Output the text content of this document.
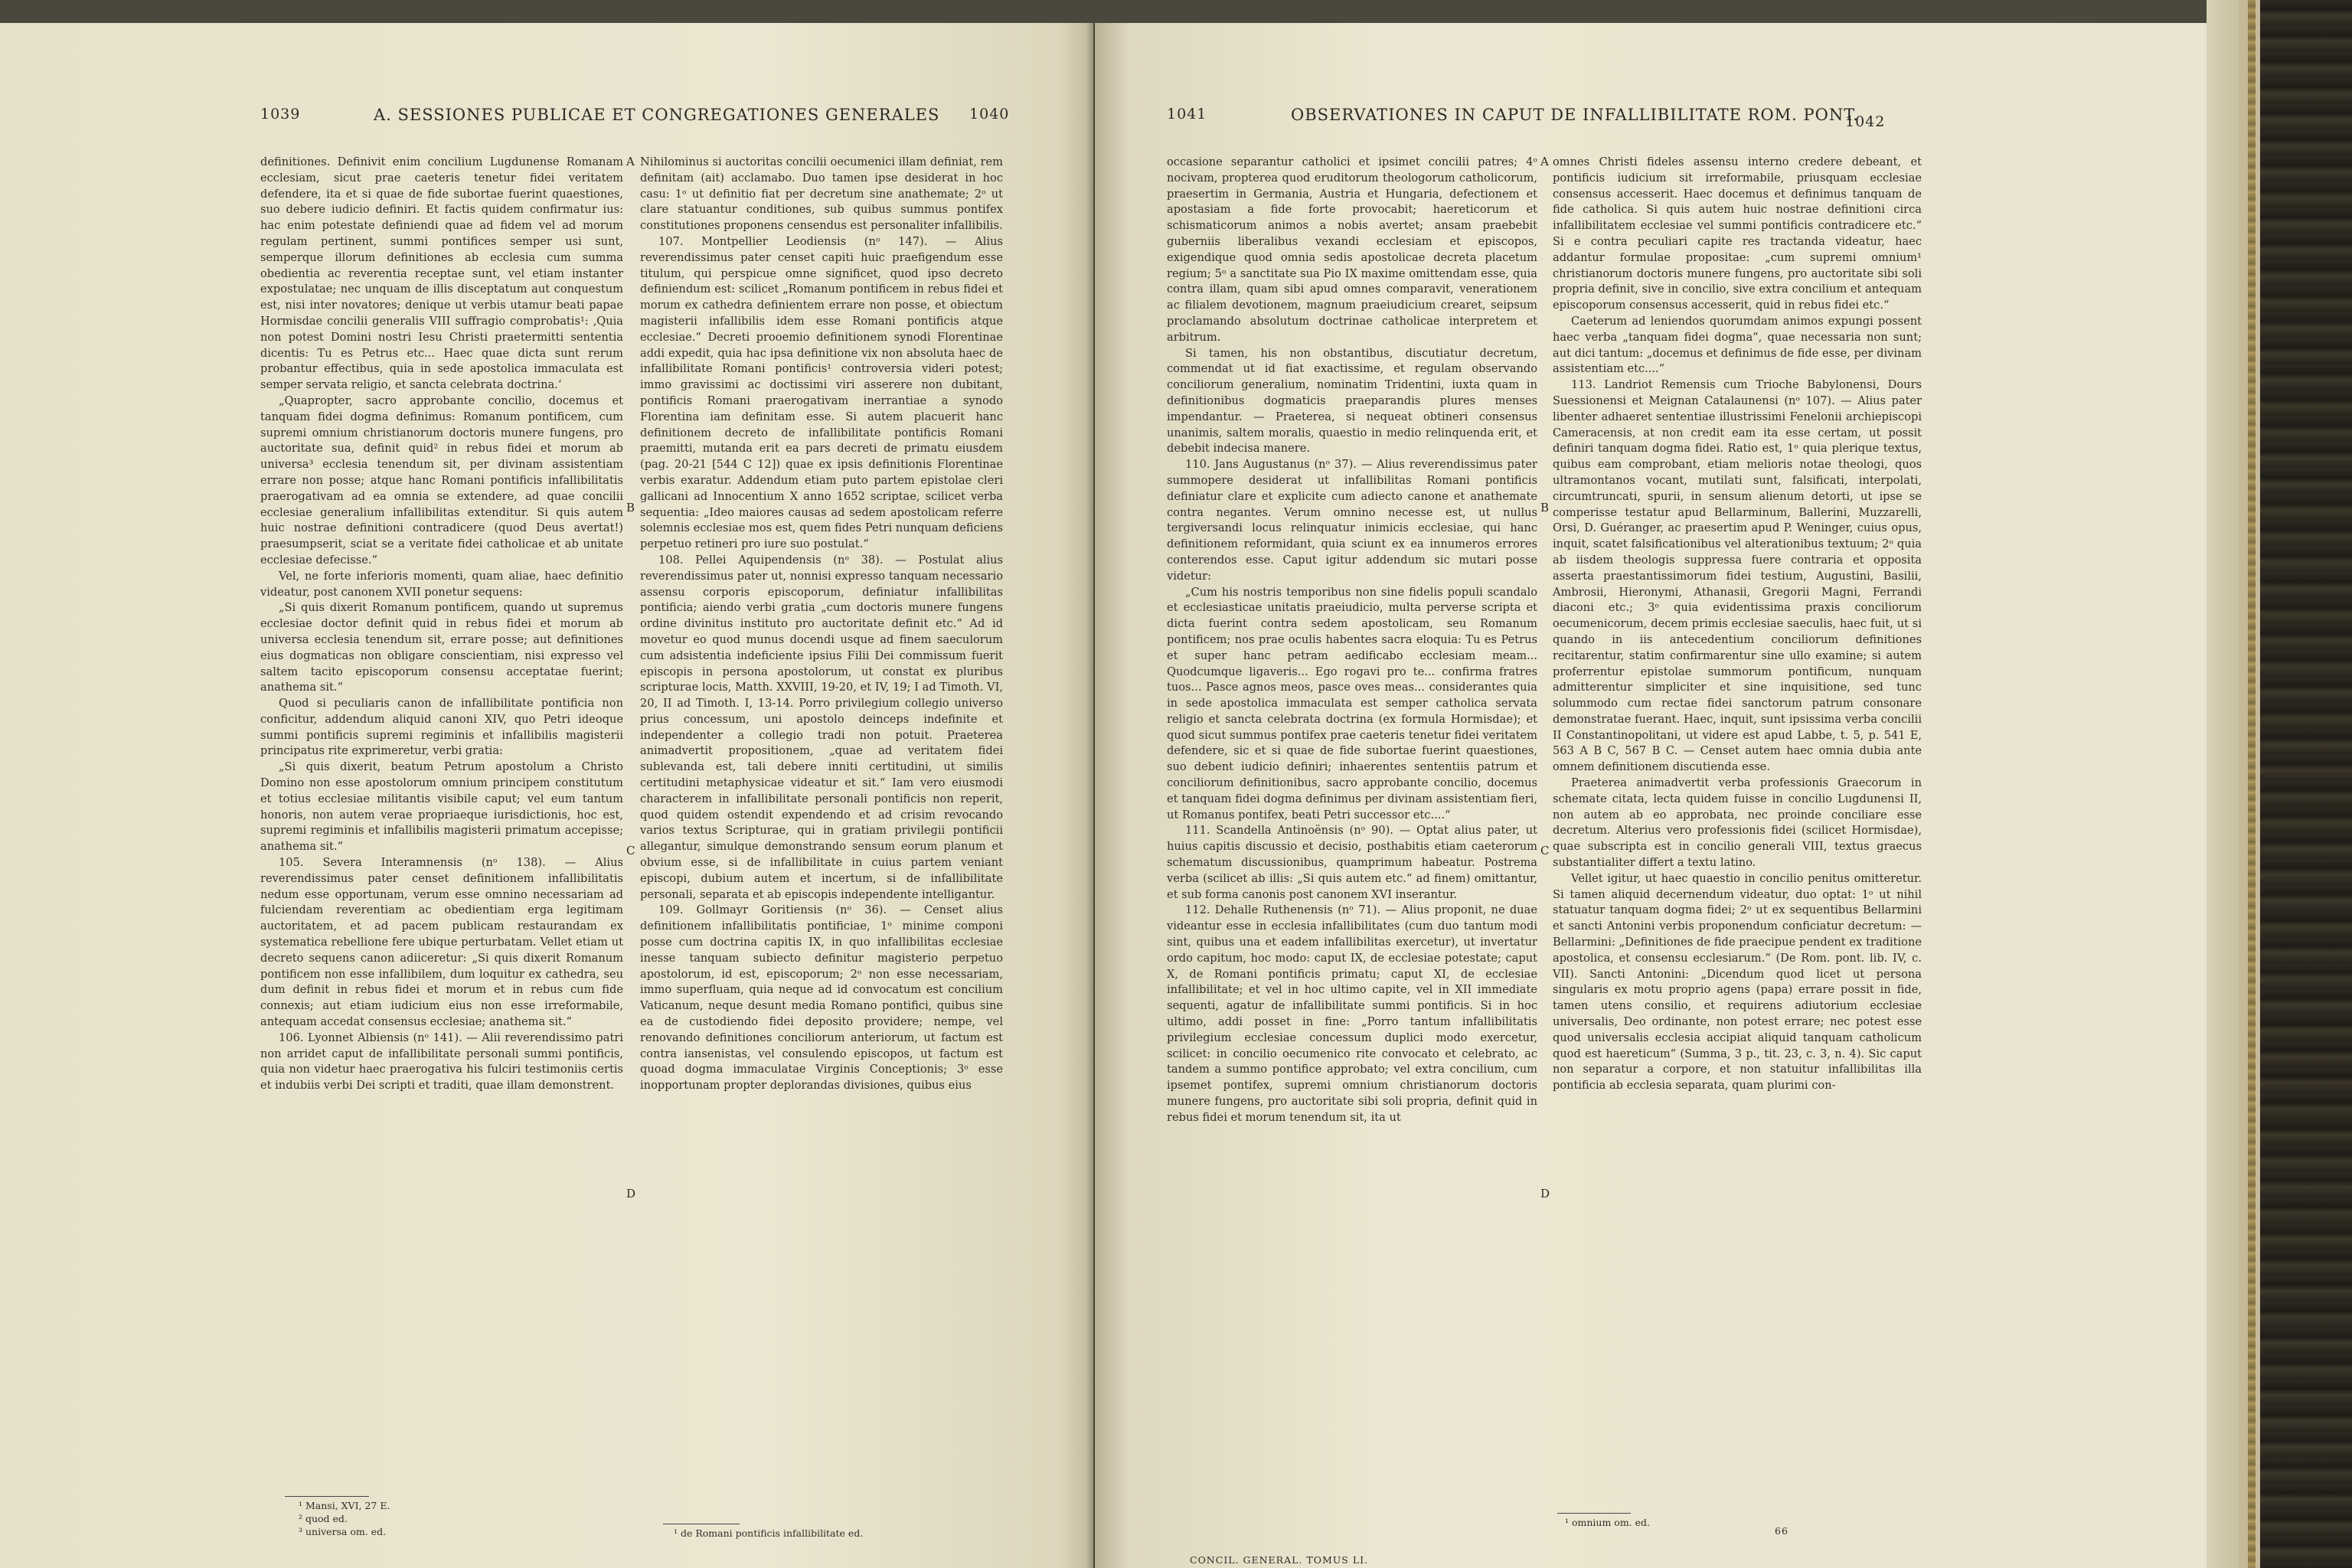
1039	A. SESSIONES PUBLICAE ET CONGREGATIONES GENERALES 1040

definitiones. Definivit enim concilium Lugdunense Romanam ecclesiam, sicut prae caeteris tenetur fidei veritatem defendere, ita et si quae de fide subortae fuerint quaestiones, suo debere iudicio definiri. Et factis quidem confirmatur ius: hac enim potestate definiendi quae ad fidem vel ad morum regulam pertinent, summi pontifices semper usi sunt, semperque illorum definitiones ab ecclesia cum summa obedientia ac reverentia receptae sunt, vel etiam instanter expostulatae; nec unquam de illis disceptatum aut conquestum est, nisi inter novatores; denique ut verbis utamur beati papae Hormisdae concilii generalis VIII suffragio comprobatis¹: ‚Quia non potest Domini nostri Iesu Christi praetermitti sententia dicentis: Tu es Petrus etc... Haec quae dicta sunt rerum probantur effectibus, quia in sede apostolica immaculata est semper servata religio, et sancta celebrata doctrina.‘

„Quapropter, sacro approbante concilio, docemus et tanquam fidei dogma definimus: Romanum pontificem, cum supremi omnium christianorum doctoris munere fungens, pro auctoritate sua, definit quid² in rebus fidei et morum ab universa³ ecclesia tenendum sit, per divinam assistentiam errare non posse; atque hanc Romani pontificis infallibilitatis praerogativam ad ea omnia se extendere, ad quae concilii ecclesiae generalium infallibilitas extenditur. Si quis autem huic nostrae definitioni contradicere (quod Deus avertat!) praesumpserit, sciat se a veritate fidei catholicae et ab unitate ecclesiae defecisse.“

Vel, ne forte inferioris momenti, quam aliae, haec definitio videatur, post canonem XVII ponetur sequens:

„Si quis dixerit Romanum pontificem, quando ut supremus ecclesiae doctor definit quid in rebus fidei et morum ab universa ecclesia tenendum sit, errare posse; aut definitiones eius dogmaticas non obligare conscientiam, nisi expresso vel saltem tacito episcoporum consensu acceptatae fuerint; anathema sit.“

Quod si peculiaris canon de infallibilitate pontificia non conficitur, addendum aliquid canoni XIV, quo Petri ideoque summi pontificis supremi regiminis et infallibilis magisterii principatus rite exprimeretur, verbi gratia:

„Si quis dixerit, beatum Petrum apostolum a Christo Domino non esse apostolorum omnium principem constitutum et totius ecclesiae militantis visibile caput; vel eum tantum honoris, non autem verae propriaeque iurisdictionis, hoc est, supremi regiminis et infallibilis magisterii primatum accepisse; anathema sit.“

105. Severa Interamnensis (nᵒ 138). — Alius reverendissimus pater censet definitionem infallibilitatis nedum esse opportunam, verum esse omnino necessariam ad fulciendam reverentiam ac obedientiam erga legitimam auctoritatem, et ad pacem publicam restaurandam ex systematica rebellione fere ubique perturbatam. Vellet etiam ut decreto sequens canon adiiceretur: „Si quis dixerit Romanum pontificem non esse infallibilem, dum loquitur ex cathedra, seu dum definit in rebus fidei et morum et in rebus cum fide connexis; aut etiam iudicium eius non esse irreformabile, antequam accedat consensus ecclesiae; anathema sit.“

106. Lyonnet Albiensis (nᵒ 141). — Alii reverendissimo patri non arridet caput de infallibilitate personali summi pontificis, quia non videtur haec praerogativa his fulciri testimoniis certis et indubiis verbi Dei scripti et traditi, quae illam demonstrent.

Nihilominus si auctoritas concilii oecumenici illam definiat, rem definitam (ait) acclamabo. Duo tamen ipse desiderat in hoc casu: 1ᵒ ut definitio fiat per decretum sine anathemate; 2ᵒ ut clare statuantur conditiones, sub quibus summus pontifex constitutiones proponens censendus est personaliter infallibilis.

107. Montpellier Leodiensis (nᵒ 147). — Alius reverendissimus pater censet capiti huic praefigendum esse titulum, qui perspicue omne significet, quod ipso decreto definiendum est: scilicet „Romanum pontificem in rebus fidei et morum ex cathedra definientem errare non posse, et obiectum magisterii infallibilis idem esse Romani pontificis atque ecclesiae.“ Decreti prooemio definitionem synodi Florentinae addi expedit, quia hac ipsa definitione vix non absoluta haec de infallibilitate Romani pontificis¹ controversia videri potest; immo gravissimi ac doctissimi viri asserere non dubitant, pontificis Romani praerogativam inerrantiae a synodo Florentina iam definitam esse. Si autem placuerit hanc definitionem decreto de infallibilitate pontificis Romani praemitti, mutanda erit ea pars decreti de primatu eiusdem (pag. 20-21 [544 C 12]) quae ex ipsis definitionis Florentinae verbis exaratur. Addendum etiam puto partem epistolae cleri gallicani ad Innocentium X anno 1652 scriptae, scilicet verba sequentia: „Ideo maiores causas ad sedem apostolicam referre solemnis ecclesiae mos est, quem fides Petri nunquam deficiens perpetuo retineri pro iure suo postulat.“

108. Pellei Aquipendensis (nᵒ 38). — Postulat alius reverendissimus pater ut, nonnisi expresso tanquam necessario assensu corporis episcoporum, definiatur infallibilitas pontificia; aiendo verbi gratia „cum doctoris munere fungens ordine divinitus instituto pro auctoritate definit etc.“ Ad id movetur eo quod munus docendi usque ad finem saeculorum cum adsistentia indeficiente ipsius Filii Dei commissum fuerit episcopis in persona apostolorum, ut constat ex pluribus scripturae locis, Matth. XXVIII, 19-20, et IV, 19; I ad Timoth. VI, 20, II ad Timoth. I, 13-14. Porro privilegium collegio universo prius concessum, uni apostolo deinceps indefinite et independenter a collegio tradi non potuit. Praeterea animadvertit propositionem, „quae ad veritatem fidei sublevanda est, tali debere inniti certitudini, ut similis certitudini metaphysicae videatur et sit.“ Iam vero eiusmodi characterem in infallibilitate personali pontificis non reperit, quod quidem ostendit expendendo et ad crisim revocando varios textus Scripturae, qui in gratiam privilegii pontificii allegantur, simulque demonstrando sensum eorum planum et obvium esse, si de infallibilitate in cuius partem veniant episcopi, dubium autem et incertum, si de infallibilitate personali, separata et ab episcopis independente intelligantur.

109. Gollmayr Goritiensis (nᵒ 36). — Censet alius definitionem infallibilitatis pontificiae, 1ᵒ minime componi posse cum doctrina capitis IX, in quo infallibilitas ecclesiae inesse tanquam subiecto definitur magisterio perpetuo apostolorum, id est, episcoporum; 2ᵒ non esse necessariam, immo superfluam, quia neque ad id convocatum est concilium Vaticanum, neque desunt media Romano pontifici, quibus sine ea de custodiendo fidei deposito providere; nempe, vel renovando definitiones conciliorum anteriorum, ut factum est contra iansenistas, vel consulendo episcopos, ut factum est quoad dogma immaculatae Virginis Conceptionis; 3ᵒ esse inopportunam propter deplorandas divisiones, quibus eius

A
B
C
D
¹ Mansi, XVI, 27 E.
² quod ed.
³ universa om. ed.	¹ de Romani pontificis infallibilitate ed.
1041	OBSERVATIONES IN CAPUT DE INFALLIBILITATE ROM. PONT.
1042

occasione separantur catholici et ipsimet concilii patres; 4ᵒ nocivam, propterea quod eruditorum theologorum catholicorum, praesertim in Germania, Austria et Hungaria, defectionem et apostasiam a fide forte provocabit; haereticorum et schismaticorum animos a nobis avertet; ansam praebebit guberniis liberalibus vexandi ecclesiam et episcopos, exigendique quod omnia sedis apostolicae decreta placetum regium; 5ᵒ a sanctitate sua Pio IX maxime omittendam esse, quia contra illam, quam sibi apud omnes comparavit, venerationem ac filialem devotionem, magnum praeiudicium crearet, seipsum proclamando absolutum doctrinae catholicae interpretem et arbitrum.

Si tamen, his non obstantibus, discutiatur decretum, commendat ut id fiat exactissime, et regulam observando conciliorum generalium, nominatim Tridentini, iuxta quam in definitionibus dogmaticis praeparandis plures menses impendantur. — Praeterea, si nequeat obtineri consensus unanimis, saltem moralis, quaestio in medio relinquenda erit, et debebit indecisa manere.

110. Jans Augustanus (nᵒ 37). — Alius reverendissimus pater summopere desiderat ut infallibilitas Romani pontificis definiatur clare et explicite cum adiecto canone et anathemate contra negantes. Verum omnino necesse est, ut nullus tergiversandi locus relinquatur inimicis ecclesiae, qui hanc definitionem reformidant, quia sciunt ex ea innumeros errores conterendos esse. Caput igitur addendum sic mutari posse videtur:

„Cum his nostris temporibus non sine fidelis populi scandalo et ecclesiasticae unitatis praeiudicio, multa perverse scripta et dicta fuerint contra sedem apostolicam, seu Romanum pontificem; nos prae oculis habentes sacra eloquia: Tu es Petrus et super hanc petram aedificabo ecclesiam meam... Quodcumque ligaveris... Ego rogavi pro te... confirma fratres tuos... Pasce agnos meos, pasce oves meas... considerantes quia in sede apostolica immaculata est semper catholica servata religio et sancta celebrata doctrina (ex formula Hormisdae); et quod sicut summus pontifex prae caeteris tenetur fidei veritatem defendere, sic et si quae de fide subortae fuerint quaestiones, suo debent iudicio definiri; inhaerentes sententiis patrum et conciliorum definitionibus, sacro approbante concilio, docemus et tanquam fidei dogma definimus per divinam assistentiam fieri, ut Romanus pontifex, beati Petri successor etc....“

111. Scandella Antinoënsis (nᵒ 90). — Optat alius pater, ut huius capitis discussio et decisio, posthabitis etiam caeterorum schematum discussionibus, quamprimum habeatur. Postrema verba (scilicet ab illis: „Si quis autem etc.“ ad finem) omittantur, et sub forma canonis post canonem XVI inserantur.

112. Dehalle Ruthenensis (nᵒ 71). — Alius proponit, ne duae videantur esse in ecclesia infallibilitates (cum duo tantum modi sint, quibus una et eadem infallibilitas exercetur), ut invertatur ordo capitum, hoc modo: caput IX, de ecclesiae potestate; caput X, de Romani pontificis primatu; caput XI, de ecclesiae infallibilitate; et vel in hoc ultimo capite, vel in XII immediate sequenti, agatur de infallibilitate summi pontificis. Si in hoc ultimo, addi posset in fine: „Porro tantum infallibilitatis privilegium ecclesiae concessum duplici modo exercetur, scilicet: in concilio oecumenico rite convocato et celebrato, ac tandem a summo pontifice approbato; vel extra concilium, cum ipsemet pontifex, supremi omnium christianorum doctoris munere fungens, pro auctoritate sibi soli propria, definit quid in rebus fidei et morum tenendum sit, ita ut

omnes Christi fideles assensu interno credere debeant, et pontificis iudicium sit irreformabile, priusquam ecclesiae consensus accesserit. Haec docemus et definimus tanquam de fide catholica. Si quis autem huic nostrae definitioni circa infallibilitatem ecclesiae vel summi pontificis contradicere etc.“ Si e contra peculiari capite res tractanda videatur, haec addantur formulae propositae: „cum supremi omnium¹ christianorum doctoris munere fungens, pro auctoritate sibi soli propria definit, sive in concilio, sive extra concilium et antequam episcoporum consensus accesserit, quid in rebus fidei etc.“

Caeterum ad leniendos quorumdam animos expungi possent haec verba „tanquam fidei dogma“, quae necessaria non sunt; aut dici tantum: „docemus et definimus de fide esse, per divinam assistentiam etc....“

113. Landriot Remensis cum Trioche Babylonensi, Dours Suessionensi et Meignan Catalaunensi (nᵒ 107). — Alius pater libenter adhaeret sententiae illustrissimi Fenelonii archiepiscopi Cameracensis, at non credit eam ita esse certam, ut possit definiri tanquam dogma fidei. Ratio est, 1ᵒ quia plerique textus, quibus eam comprobant, etiam melioris notae theologi, quos ultramontanos vocant, mutilati sunt, falsificati, interpolati, circumtruncati, spurii, in sensum alienum detorti, ut ipse se comperisse testatur apud Bellarminum, Ballerini, Muzzarelli, Orsi, D. Guéranger, ac praesertim apud P. Weninger, cuius opus, inquit, scatet falsificationibus vel alterationibus textuum; 2ᵒ quia ab iisdem theologis suppressa fuere contraria et opposita asserta praestantissimorum fidei testium, Augustini, Basilii, Ambrosii, Hieronymi, Athanasii, Gregorii Magni, Ferrandi diaconi etc.; 3ᵒ quia evidentissima praxis conciliorum oecumenicorum, decem primis ecclesiae saeculis, haec fuit, ut si quando in iis antecedentium conciliorum definitiones recitarentur, statim confirmarentur sine ullo examine; si autem proferrentur epistolae summorum pontificum, nunquam admitterentur simpliciter et sine inquisitione, sed tunc solummodo cum rectae fidei sanctorum patrum consonare demonstratae fuerant. Haec, inquit, sunt ipsissima verba concilii II Constantinopolitani, ut videre est apud Labbe, t. 5, p. 541 E, 563 A B C, 567 B C. — Censet autem haec omnia dubia ante omnem definitionem discutienda esse.

Praeterea animadvertit verba professionis Graecorum in schemate citata, lecta quidem fuisse in concilio Lugdunensi II, non autem ab eo approbata, nec proinde conciliare esse decretum. Alterius vero professionis fidei (scilicet Hormisdae), quae subscripta est in concilio generali VIII, textus graecus substantialiter differt a textu latino.

Vellet igitur, ut haec quaestio in concilio penitus omitteretur. Si tamen aliquid decernendum videatur, duo optat: 1ᵒ ut nihil statuatur tanquam dogma fidei; 2ᵒ ut ex sequentibus Bellarmini et sancti Antonini verbis proponendum conficiatur decretum: — Bellarmini: „Definitiones de fide praecipue pendent ex traditione apostolica, et consensu ecclesiarum.“ (De Rom. pont. lib. IV, c. VII). Sancti Antonini: „Dicendum quod licet ut persona singularis ex motu proprio agens (papa) errare possit in fide, tamen utens consilio, et requirens adiutorium ecclesiae universalis, Deo ordinante, non potest errare; nec potest esse quod universalis ecclesia accipiat aliquid tanquam catholicum quod est haereticum“ (Summa, 3 p., tit. 23, c. 3, n. 4). Sic caput non separatur a corpore, et non statuitur infallibilitas illa pontificia ab ecclesia separata, quam plurimi con-

A
B
C
D
¹ omnium om. ed.
CONCIL. GENERAL. TOMUS LI.
66
